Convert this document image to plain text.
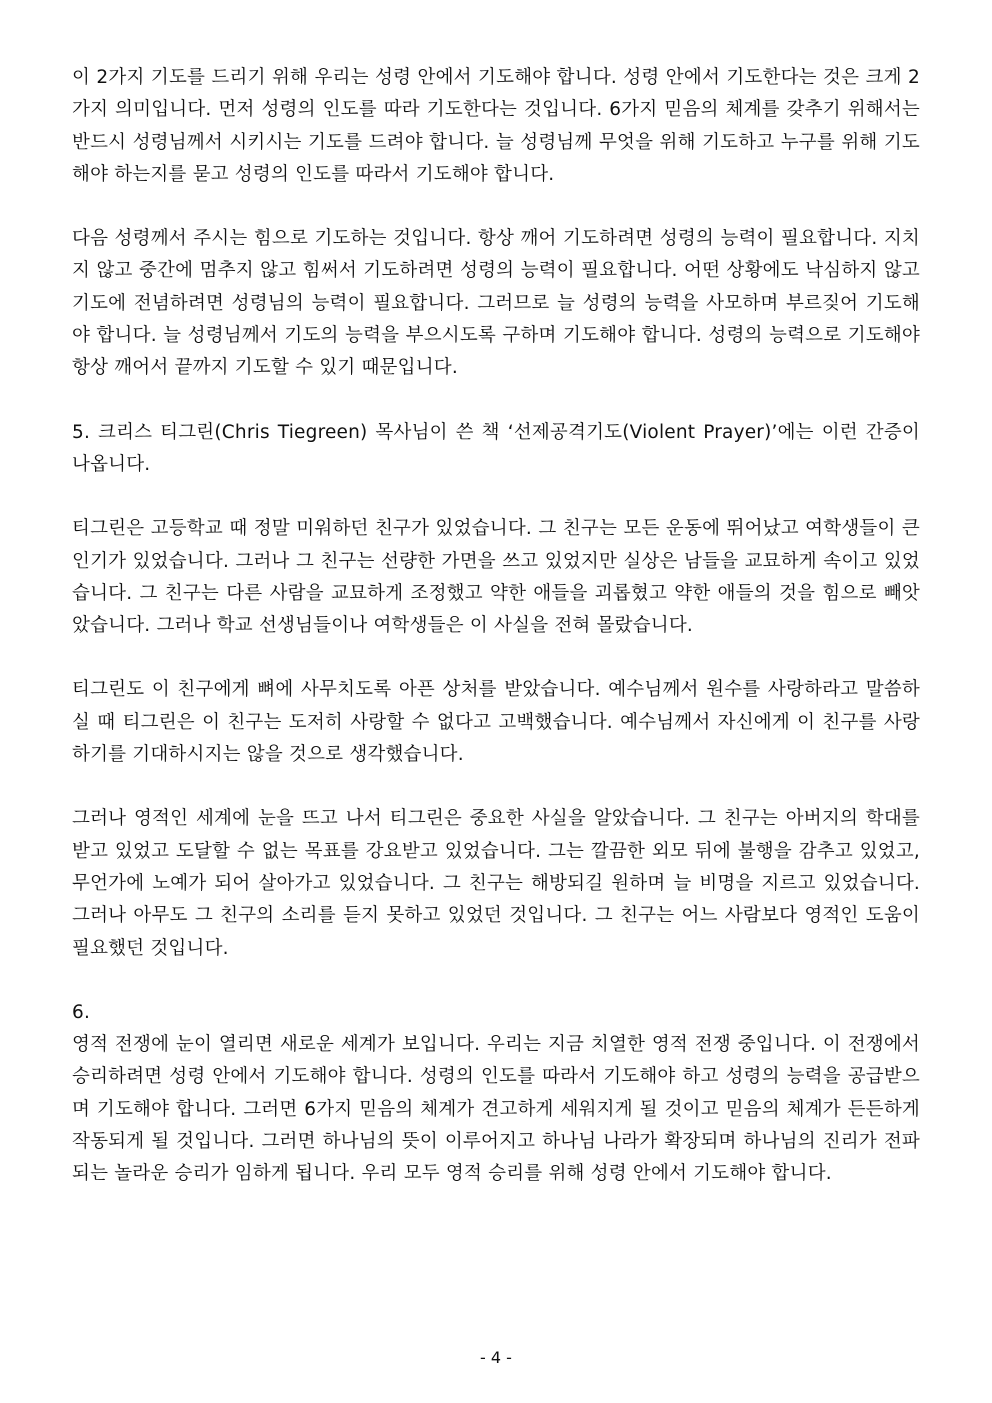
이 2가지 기도를 드리기 위해 우리는 성령 안에서 기도해야 합니다. 성령 안에서 기도한다는 것은 크게 2가지 의미입니다. 먼저 성령의 인도를 따라 기도한다는 것입니다. 6가지 믿음의 체계를 갖추기 위해서는 반드시 성령님께서 시키시는 기도를 드려야 합니다. 늘 성령님께 무엇을 위해 기도하고 누구를 위해 기도해야 하는지를 묻고 성령의 인도를 따라서 기도해야 합니다.

다음 성령께서 주시는 힘으로 기도하는 것입니다. 항상 깨어 기도하려면 성령의 능력이 필요합니다. 지치지 않고 중간에 멈추지 않고 힘써서 기도하려면 성령의 능력이 필요합니다. 어떤 상황에도 낙심하지 않고 기도에 전념하려면 성령님의 능력이 필요합니다. 그러므로 늘 성령의 능력을 사모하며 부르짖어 기도해야 합니다. 늘 성령님께서 기도의 능력을 부으시도록 구하며 기도해야 합니다. 성령의 능력으로 기도해야 항상 깨어서 끝까지 기도할 수 있기 때문입니다.

5. 크리스 티그린(Chris Tiegreen) 목사님이 쓴 책 ‘선제공격기도(Violent Prayer)’에는 이런 간증이 나옵니다.

티그린은 고등학교 때 정말 미워하던 친구가 있었습니다. 그 친구는 모든 운동에 뛰어났고 여학생들이 큰 인기가 있었습니다. 그러나 그 친구는 선량한 가면을 쓰고 있었지만 실상은 남들을 교묘하게 속이고 있었습니다. 그 친구는 다른 사람을 교묘하게 조정했고 약한 애들을 괴롭혔고 약한 애들의 것을 힘으로 빼앗았습니다. 그러나 학교 선생님들이나 여학생들은 이 사실을 전혀 몰랐습니다.

티그린도 이 친구에게 뼈에 사무치도록 아픈 상처를 받았습니다. 예수님께서 원수를 사랑하라고 말씀하실 때 티그린은 이 친구는 도저히 사랑할 수 없다고 고백했습니다. 예수님께서 자신에게 이 친구를 사랑하기를 기대하시지는 않을 것으로 생각했습니다.

그러나 영적인 세계에 눈을 뜨고 나서 티그린은 중요한 사실을 알았습니다. 그 친구는 아버지의 학대를 받고 있었고 도달할 수 없는 목표를 강요받고 있었습니다. 그는 깔끔한 외모 뒤에 불행을 감추고 있었고, 무언가에 노예가 되어 살아가고 있었습니다. 그 친구는 해방되길 원하며 늘 비명을 지르고 있었습니다. 그러나 아무도 그 친구의 소리를 듣지 못하고 있었던 것입니다. 그 친구는 어느 사람보다 영적인 도움이 필요했던 것입니다.

6.

영적 전쟁에 눈이 열리면 새로운 세계가 보입니다. 우리는 지금 치열한 영적 전쟁 중입니다. 이 전쟁에서 승리하려면 성령 안에서 기도해야 합니다. 성령의 인도를 따라서 기도해야 하고 성령의 능력을 공급받으며 기도해야 합니다. 그러면 6가지 믿음의 체계가 견고하게 세워지게 될 것이고 믿음의 체계가 든든하게 작동되게 될 것입니다. 그러면 하나님의 뜻이 이루어지고 하나님 나라가 확장되며 하나님의 진리가 전파되는 놀라운 승리가 임하게 됩니다. 우리 모두 영적 승리를 위해 성령 안에서 기도해야 합니다.

- 4 -
